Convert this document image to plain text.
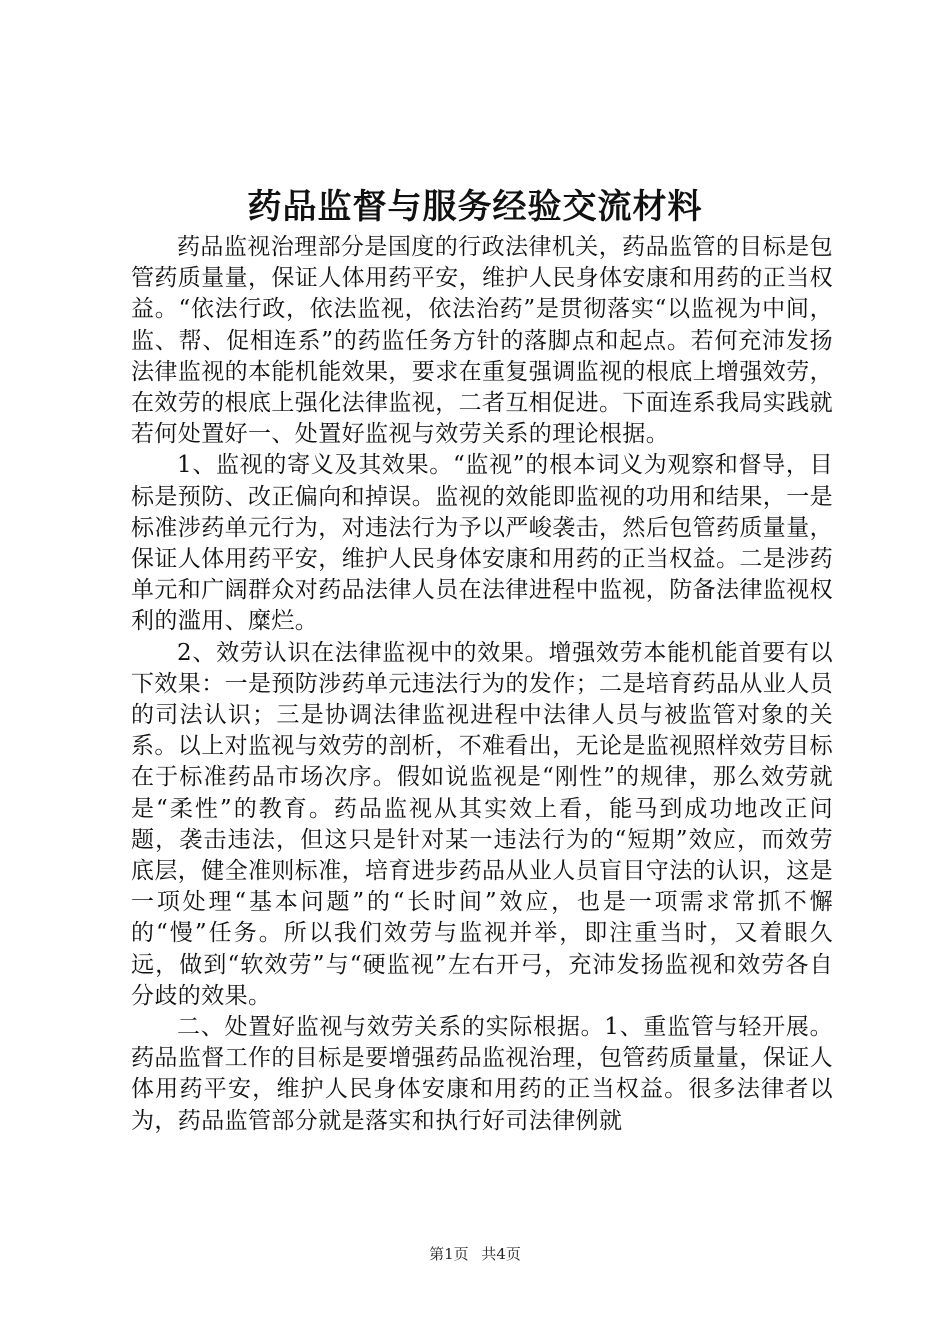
药品监督与服务经验交流材料

药品监视治理部分是国度的行政法律机关，药品监管的目标是包管药质量量，保证人体用药平安，维护人民身体安康和用药的正当权益。“依法行政，依法监视，依法治药”是贯彻落实“以监视为中间，监、帮、促相连系”的药监任务方针的落脚点和起点。若何充沛发扬法律监视的本能机能效果，要求在重复强调监视的根底上增强效劳，在效劳的根底上强化法律监视，二者互相促进。下面连系我局实践就若何处置好一、处置好监视与效劳关系的理论根据。

1、监视的寄义及其效果。“监视”的根本词义为观察和督导，目标是预防、改正偏向和掉误。监视的效能即监视的功用和结果，一是标准涉药单元行为，对违法行为予以严峻袭击，然后包管药质量量，保证人体用药平安，维护人民身体安康和用药的正当权益。二是涉药单元和广阔群众对药品法律人员在法律进程中监视，防备法律监视权利的滥用、糜烂。

2、效劳认识在法律监视中的效果。增强效劳本能机能首要有以下效果：一是预防涉药单元违法行为的发作；二是培育药品从业人员的司法认识；三是协调法律监视进程中法律人员与被监管对象的关系。以上对监视与效劳的剖析，不难看出，无论是监视照样效劳目标在于标准药品市场次序。假如说监视是“刚性”的规律，那么效劳就是“柔性”的教育。药品监视从其实效上看，能马到成功地改正问题，袭击违法，但这只是针对某一违法行为的“短期”效应，而效劳底层，健全准则标准，培育进步药品从业人员盲目守法的认识，这是一项处理“基本问题”的“长时间”效应，也是一项需求常抓不懈的“慢”任务。所以我们效劳与监视并举，即注重当时，又着眼久远，做到“软效劳”与“硬监视”左右开弓，充沛发扬监视和效劳各自分歧的效果。

二、处置好监视与效劳关系的实际根据。1、重监管与轻开展。药品监督工作的目标是要增强药品监视治理，包管药质量量，保证人体用药平安，维护人民身体安康和用药的正当权益。很多法律者以为，药品监管部分就是落实和执行好司法律例就

第1页 共4页
